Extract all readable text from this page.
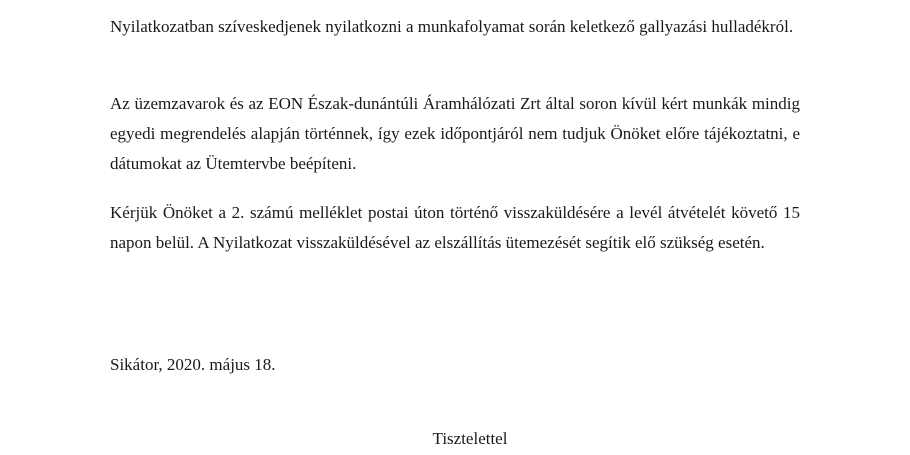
Nyilatkozatban szíveskedjenek nyilatkozni a munkafolyamat során keletkező gallyazási hulladékról.

Az üzemzavarok és az EON Észak-dunántúli Áramhálózati Zrt által soron kívül kért munkák mindig egyedi megrendelés alapján történnek, így ezek időpontjáról nem tudjuk Önöket előre tájékoztatni, e dátumokat az Ütemtervbe beépíteni.

Kérjük Önöket a 2. számú melléklet postai úton történő visszaküldésére a levél átvételét követő 15 napon belül. A Nyilatkozat visszaküldésével az elszállítás ütemezését segítik elő szükség esetén.

Sikátor, 2020. május 18.

Tisztelettel
